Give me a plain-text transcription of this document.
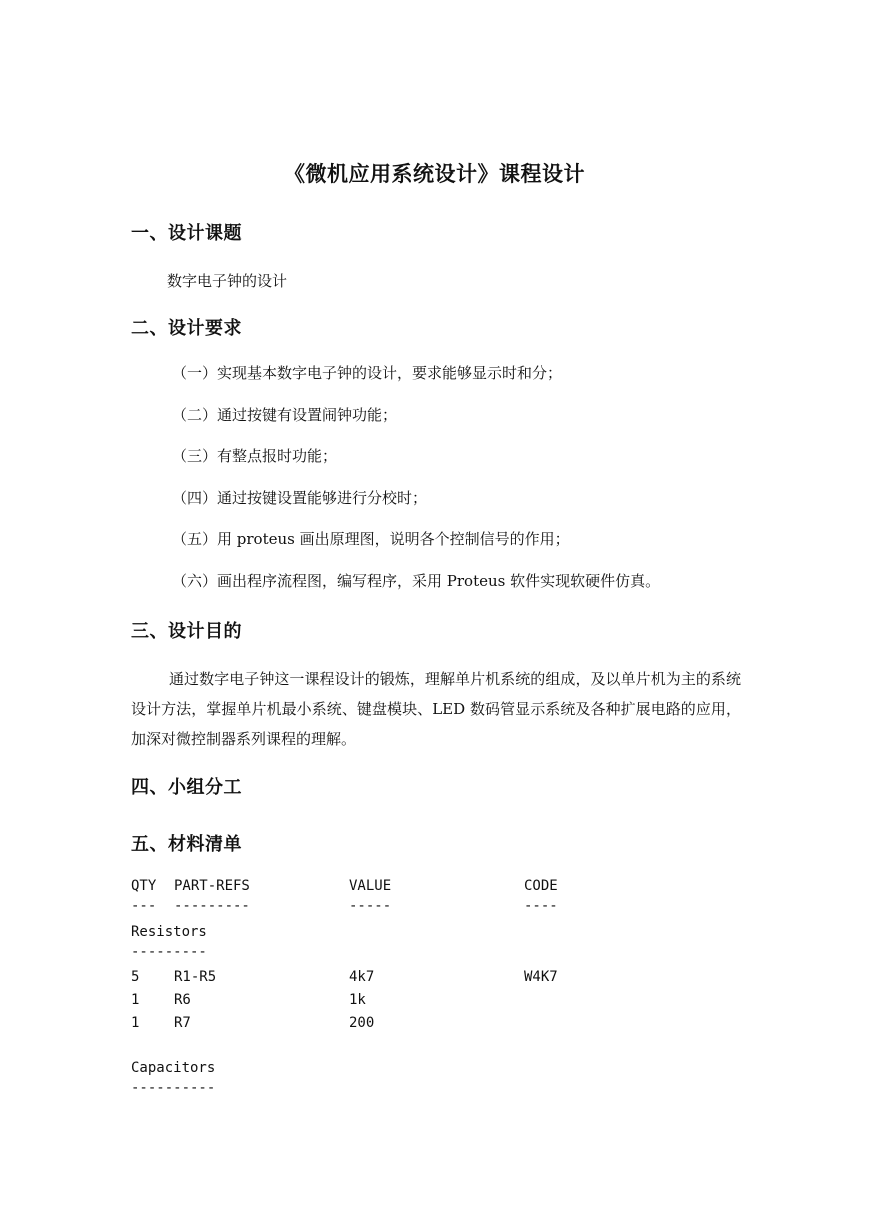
《微机应用系统设计》课程设计
一、设计课题

数字电子钟的设计

二、设计要求
（一）实现基本数字电子钟的设计，要求能够显示时和分；
（二）通过按键有设置闹钟功能；
（三）有整点报时功能；
（四）通过按键设置能够进行分校时；
（五）用 proteus 画出原理图，说明各个控制信号的作用；
（六）画出程序流程图，编写程序，采用 Proteus 软件实现软硬件仿真。
三、设计目的

通过数字电子钟这一课程设计的锻炼，理解单片机系统的组成，及以单片机为主的系统设计方法，掌握单片机最小系统、键盘模块、LED 数码管显示系统及各种扩展电路的应用，加深对微控制器系列课程的理解。

四、小组分工
五、材料清单
QTY PART-REFS	VALUE	CODE
--- ---------	-----	----
Resistors
---------
5 R1-R5	4k7	W4K7
1 R6	1k
1 R7	200
Capacitors
----------
